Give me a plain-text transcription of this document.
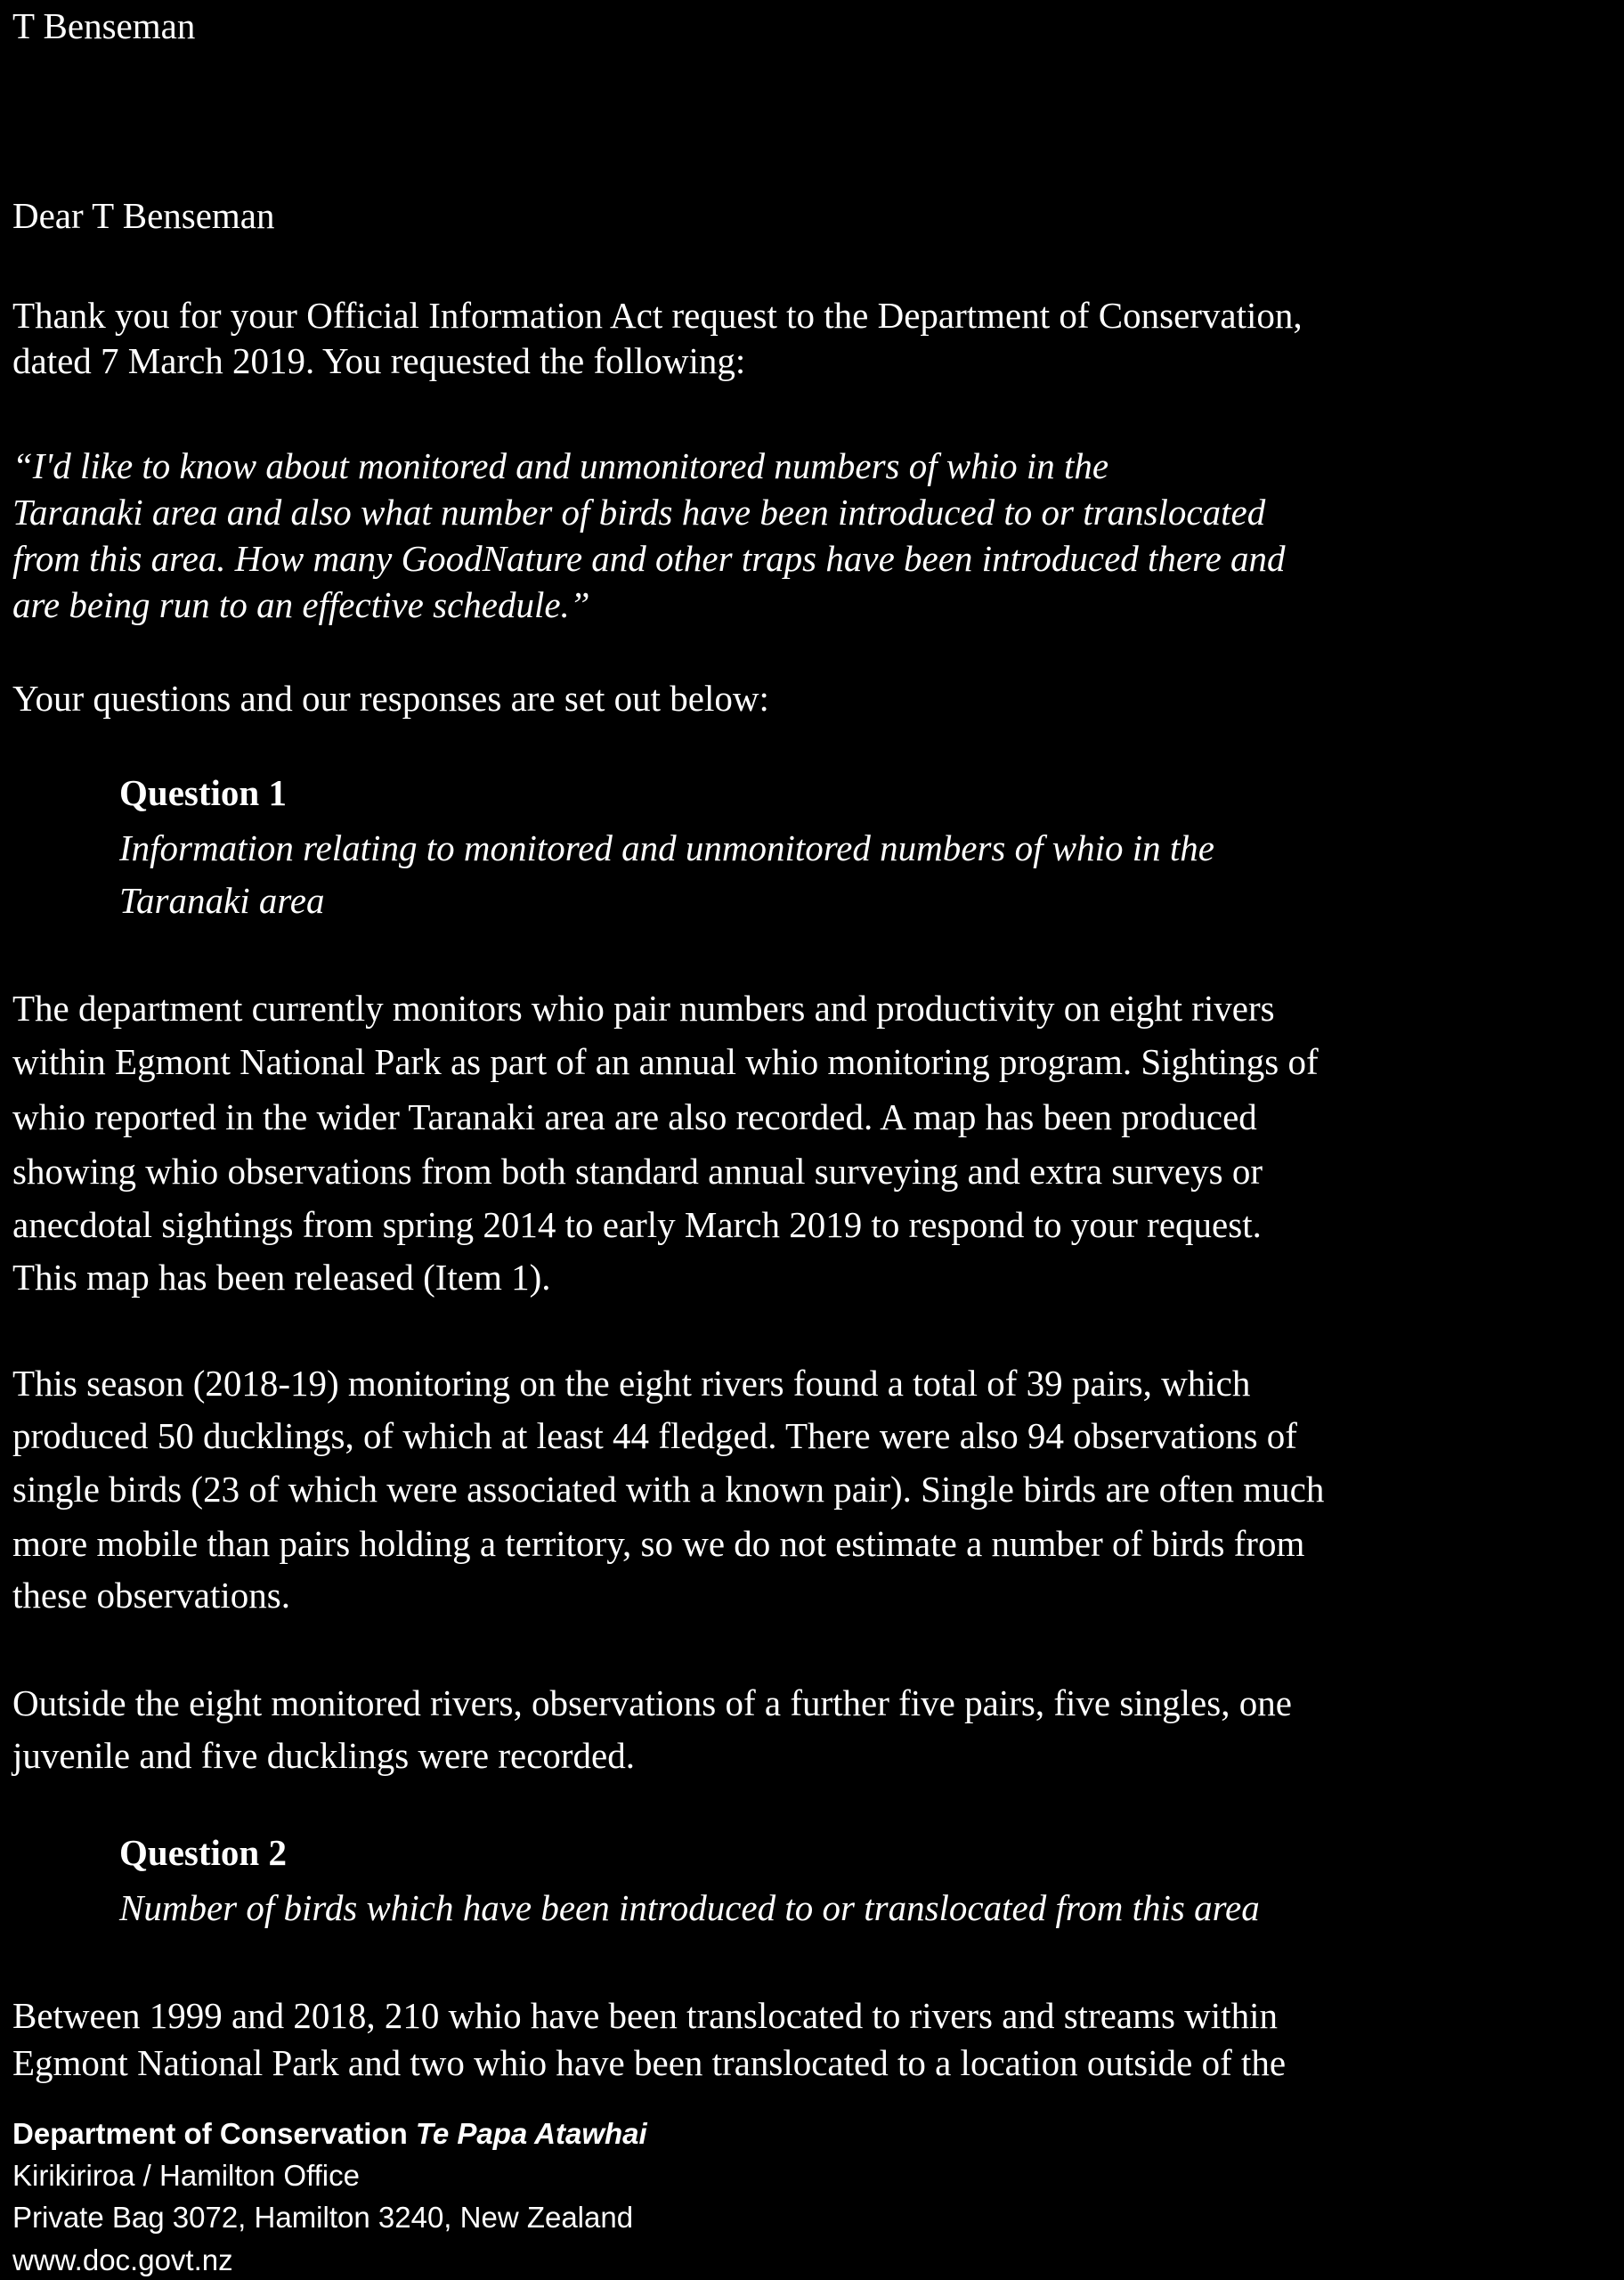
T Benseman
Dear T Benseman
Thank you for your Official Information Act request to the Department of Conservation,
dated 7 March 2019. You requested the following:
“I'd like to know about monitored and unmonitored numbers of whio in the
Taranaki area and also what number of birds have been introduced to or translocated
from this area. How many GoodNature and other traps have been introduced there and
are being run to an effective schedule.”
Your questions and our responses are set out below:
Question 1
Information relating to monitored and unmonitored numbers of whio in the
Taranaki area
The department currently monitors whio pair numbers and productivity on eight rivers
within Egmont National Park as part of an annual whio monitoring program. Sightings of
whio reported in the wider Taranaki area are also recorded. A map has been produced
showing whio observations from both standard annual surveying and extra surveys or
anecdotal sightings from spring 2014 to early March 2019 to respond to your request.
This map has been released (Item 1).
This season (2018-19) monitoring on the eight rivers found a total of 39 pairs, which
produced 50 ducklings, of which at least 44 fledged. There were also 94 observations of
single birds (23 of which were associated with a known pair). Single birds are often much
more mobile than pairs holding a territory, so we do not estimate a number of birds from
these observations.
Outside the eight monitored rivers, observations of a further five pairs, five singles, one
juvenile and five ducklings were recorded.
Question 2
Number of birds which have been introduced to or translocated from this area
Between 1999 and 2018, 210 whio have been translocated to rivers and streams within
Egmont National Park and two whio have been translocated to a location outside of the
Department of Conservation Te Papa Atawhai
Kirikiriroa / Hamilton Office
Private Bag 3072, Hamilton 3240, New Zealand
www.doc.govt.nz
